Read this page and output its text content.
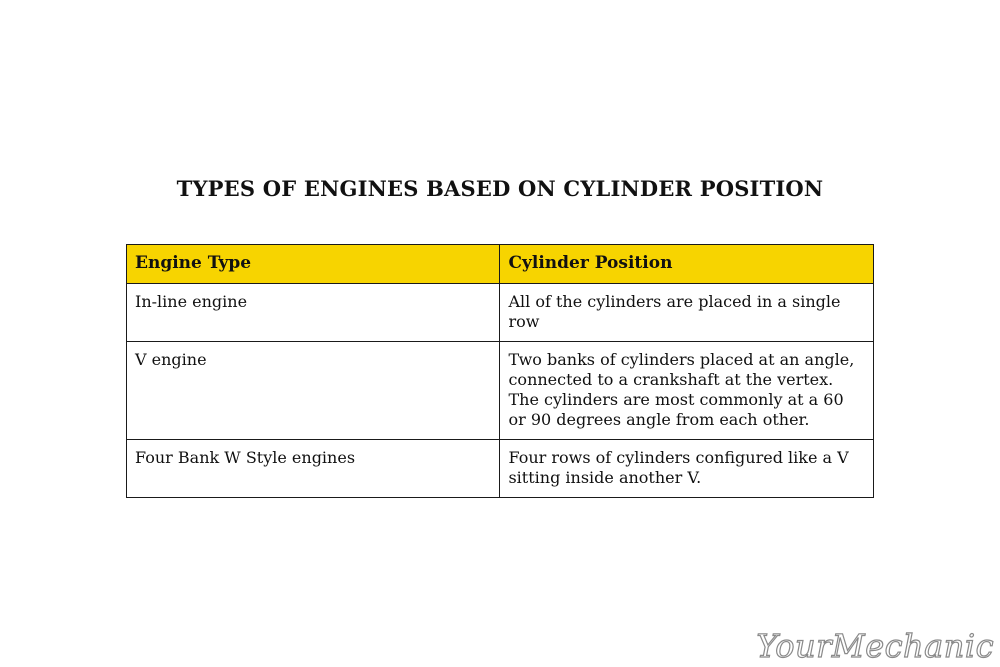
TYPES OF ENGINES BASED ON CYLINDER POSITION
Engine Type	Cylinder Position
In-line engine	All of the cylinders are placed in a single row
V engine	Two banks of cylinders placed at an angle, connected to a crankshaft at the vertex. The cylinders are most commonly at a 60 or 90 degrees angle from each other.
Four Bank W Style engines	Four rows of cylinders configured like a V sitting inside another V.
YourMechanic
